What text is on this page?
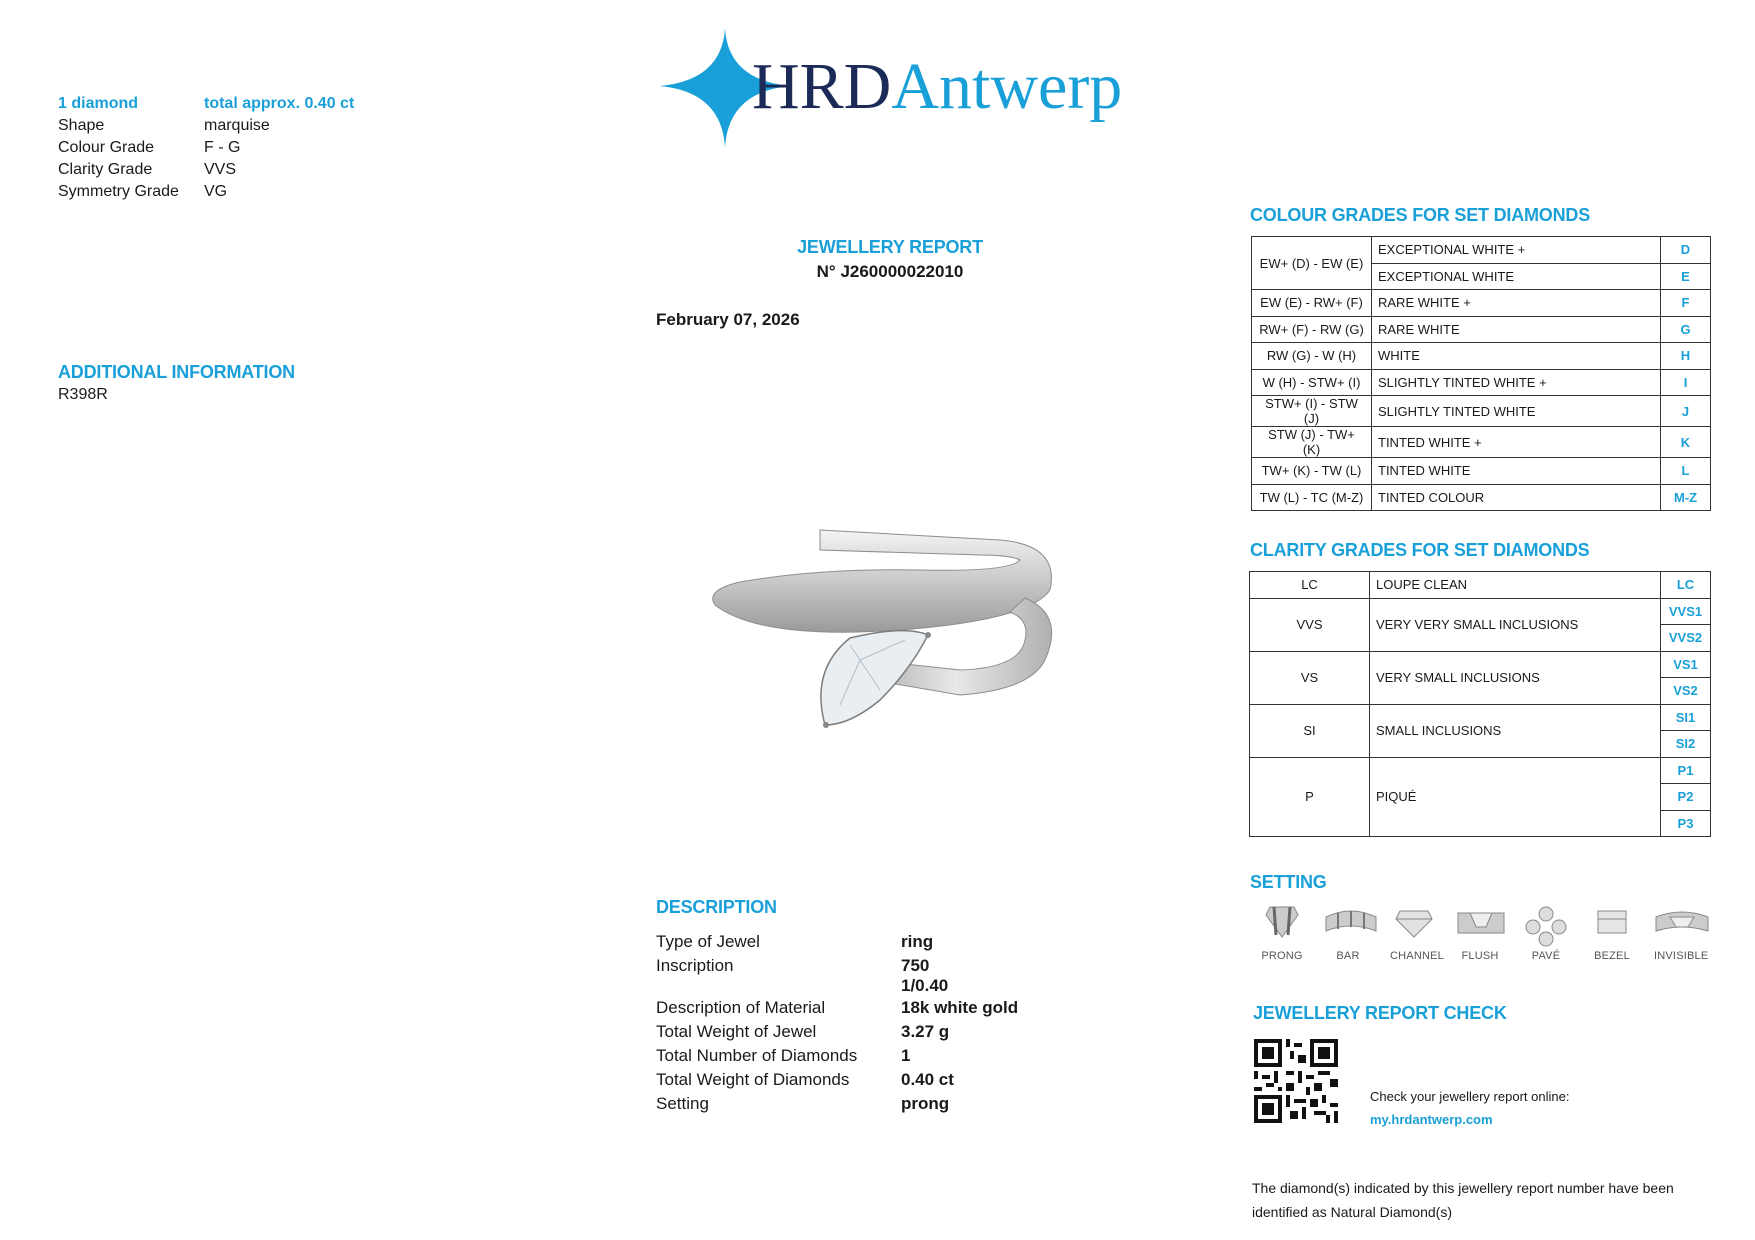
HRDAntwerp
1 diamond	total approx. 0.40 ct
Shape	marquise
Colour Grade	F - G
Clarity Grade	VVS
Symmetry Grade	VG
ADDITIONAL INFORMATION
R398R
JEWELLERY REPORT
N° J260000022010
February 07, 2026
DESCRIPTION
Type of Jewel	ring
Inscription	750
1/0.40
Description of Material	18k white gold
Total Weight of Jewel	3.27 g
Total Number of Diamonds	1
Total Weight of Diamonds	0.40 ct
Setting	prong
COLOUR GRADES FOR SET DIAMONDS
EW+ (D) - EW (E)	EXCEPTIONAL WHITE +	D
	EXCEPTIONAL WHITE	E
EW (E) - RW+ (F)	RARE WHITE +	F
RW+ (F) - RW (G)	RARE WHITE	G
RW (G) - W (H)	WHITE	H
W (H) - STW+ (I)	SLIGHTLY TINTED WHITE +	I
STW+ (I) - STW (J)	SLIGHTLY TINTED WHITE	J
STW (J) - TW+ (K)	TINTED WHITE +	K
TW+ (K) - TW (L)	TINTED WHITE	L
TW (L) - TC (M-Z)	TINTED COLOUR	M-Z
CLARITY GRADES FOR SET DIAMONDS
LC	LOUPE CLEAN	LC
VVS	VERY VERY SMALL INCLUSIONS	VVS1
		VVS2
VS	VERY SMALL INCLUSIONS	VS1
		VS2
SI	SMALL INCLUSIONS	SI1
		SI2
P	PIQUÉ	P1
		P2
		P3
SETTING
PRONG	BAR	CHANNEL	FLUSH	PAVÉ	BEZEL	INVISIBLE
JEWELLERY REPORT CHECK
Check your jewellery report online:
my.hrdantwerp.com
The diamond(s) indicated by this jewellery report number have been
identified as Natural Diamond(s)
